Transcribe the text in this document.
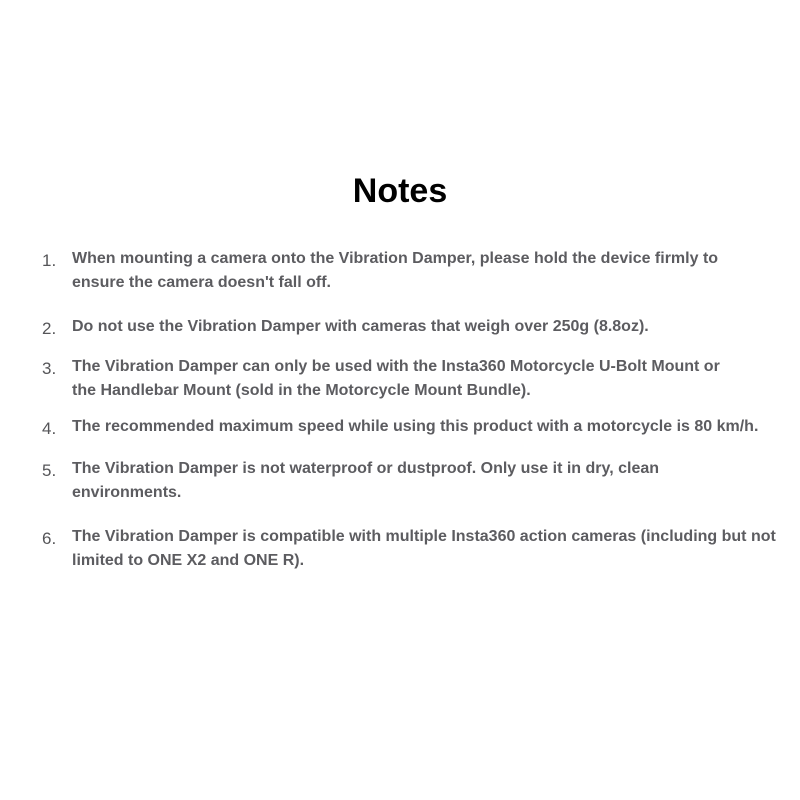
Notes
1. When mounting a camera onto the Vibration Damper, please hold the device firmly to ensure the camera doesn't fall off.
2. Do not use the Vibration Damper with cameras that weigh over 250g (8.8oz).
3. The Vibration Damper can only be used with the Insta360 Motorcycle U-Bolt Mount or the Handlebar Mount (sold in the Motorcycle Mount Bundle).
4. The recommended maximum speed while using this product with a motorcycle is 80 km/h.
5. The Vibration Damper is not waterproof or dustproof. Only use it in dry, clean environments.
6. The Vibration Damper is compatible with multiple Insta360 action cameras (including but not limited to ONE X2 and ONE R).
